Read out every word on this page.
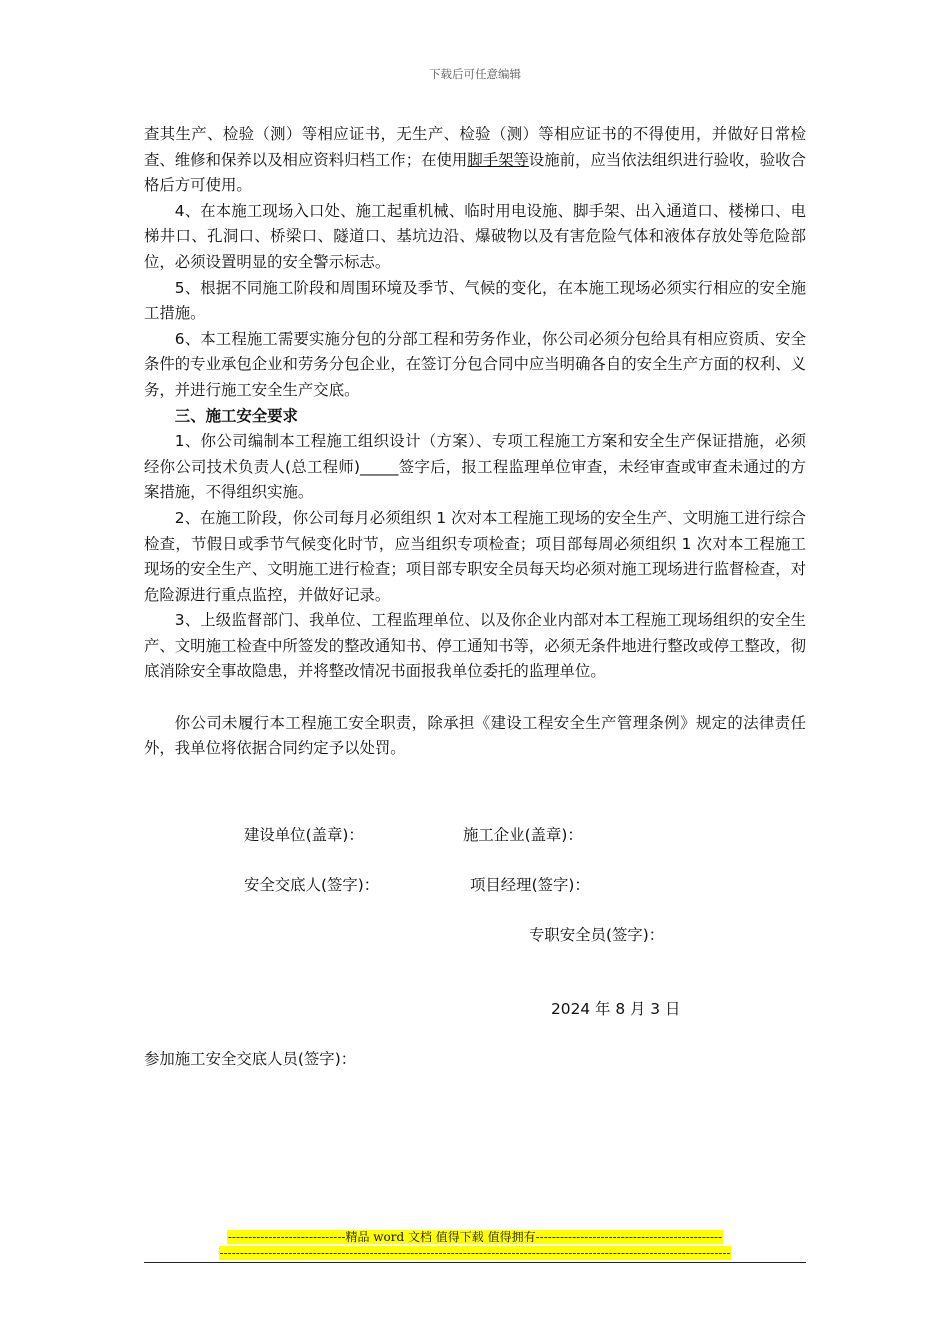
下载后可任意编辑

查其生产、检验（测）等相应证书，无生产、检验（测）等相应证书的不得使用，并做好日常检查、维修和保养以及相应资料归档工作；在使用脚手架等设施前，应当依法组织进行验收，验收合格后方可使用。

4、在本施工现场入口处、施工起重机械、临时用电设施、脚手架、出入通道口、楼梯口、电梯井口、孔洞口、桥梁口、隧道口、基坑边沿、爆破物以及有害危险气体和液体存放处等危险部位，必须设置明显的安全警示标志。

5、根据不同施工阶段和周围环境及季节、气候的变化，在本施工现场必须实行相应的安全施工措施。

6、本工程施工需要实施分包的分部工程和劳务作业，你公司必须分包给具有相应资质、安全条件的专业承包企业和劳务分包企业，在签订分包合同中应当明确各自的安全生产方面的权利、义务，并进行施工安全生产交底。

三、施工安全要求

1、你公司编制本工程施工组织设计（方案）、专项工程施工方案和安全生产保证措施，必须经你公司技术负责人(总工程师)_____签字后，报工程监理单位审查，未经审查或审查未通过的方案措施，不得组织实施。

2、在施工阶段，你公司每月必须组织 1 次对本工程施工现场的安全生产、文明施工进行综合检查，节假日或季节气候变化时节，应当组织专项检查；项目部每周必须组织 1 次对本工程施工现场的安全生产、文明施工进行检查；项目部专职安全员每天均必须对施工现场进行监督检查，对危险源进行重点监控，并做好记录。

3、上级监督部门、我单位、工程监理单位、以及你企业内部对本工程施工现场组织的安全生产、文明施工检查中所签发的整改通知书、停工通知书等，必须无条件地进行整改或停工整改，彻底消除安全事故隐患，并将整改情况书面报我单位委托的监理单位。

你公司未履行本工程施工安全职责，除承担《建设工程安全生产管理条例》规定的法律责任外，我单位将依据合同约定予以处罚。

建设单位(盖章)：	施工企业(盖章)：
安全交底人(签字)：	项目经理(签字)：
专职安全员(签字)：
2024 年 8 月 3 日
参加施工安全交底人员(签字)：
-----------------------------精品 word 文档 值得下载 值得拥有----------------------------------------------
------------------------------------------------------------------------------------------------------------------------------
